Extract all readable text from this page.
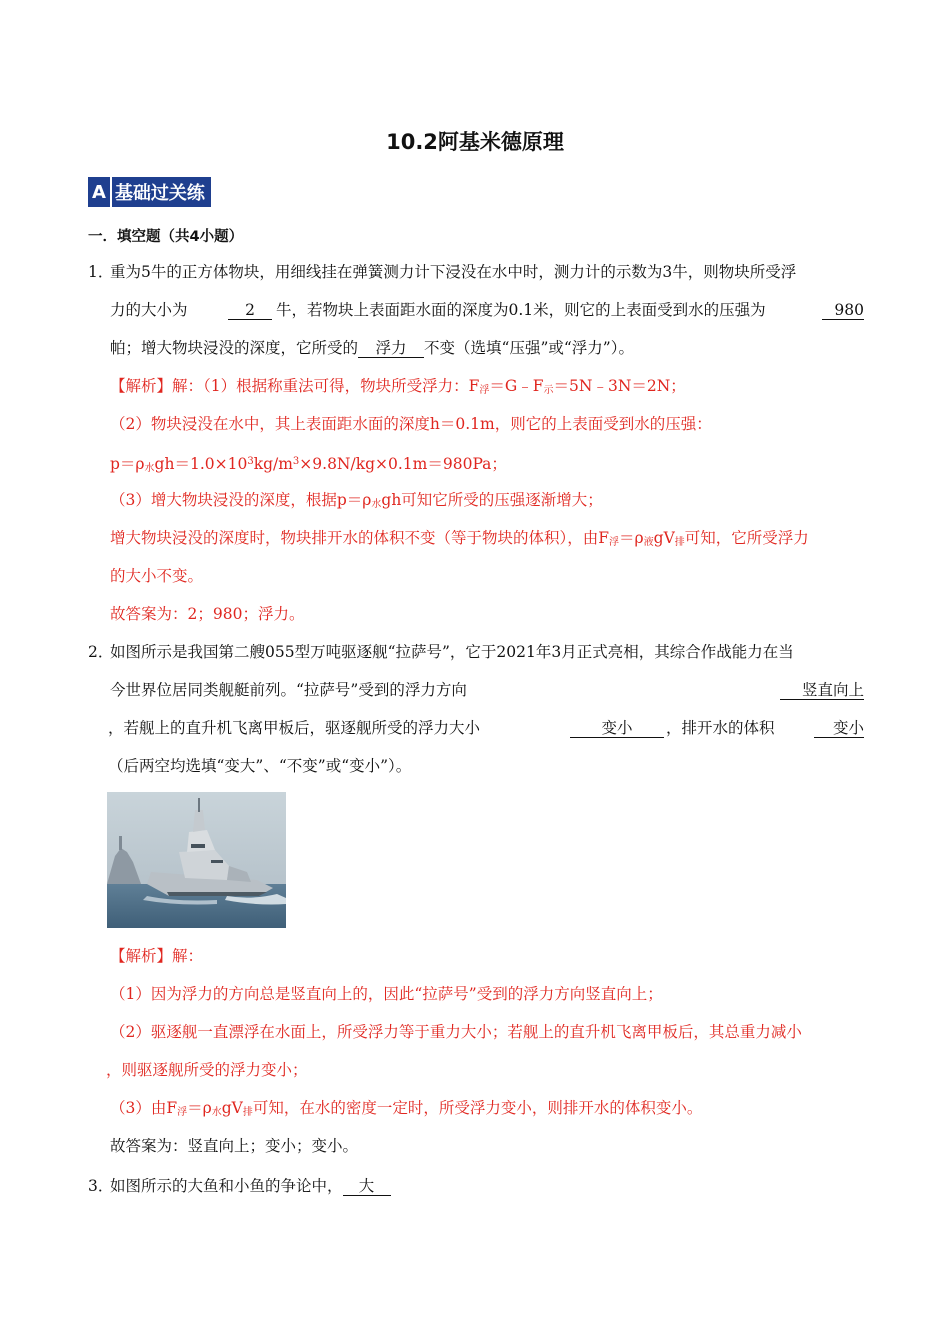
10.2阿基米德原理
A 基础过关练
一．填空题（共4小题）
1．
重为5牛的正方体物块，用细线挂在弹簧测力计下浸没在水中时，测力计的示数为3牛，则物块所受浮
力的大小为	2	牛，若物块上表面距水面的深度为0.1米，则它的上表面受到水的压强为	980
帕；增大物块浸没的深度，它所受的 浮力 不变（选填“压强”或“浮力”）。
【解析】解：（1）根据称重法可得，物块所受浮力：$F_浮=G﹣F_示=5N﹣3N=2N$；
（2）物块浸没在水中，其上表面距水面的深度h＝0.1m，则它的上表面受到水的压强：
$p=\rho_水gh=1.0\times 10^3kg/m^3\times 9.8N/kg\times 0.1m=980Pa$；
（3）增大物块浸没的深度，根据$p=\rho_水gh$可知它所受的压强逐渐增大；
增大物块浸没的深度时，物块排开水的体积不变（等于物块的体积），由$F_浮=\rho_液gV_排$可知，它所受浮力
的大小不变。
故答案为：2；980；浮力。
2．
如图所示是我国第二艘055型万吨驱逐舰“拉萨号”，它于2021年3月正式亮相，其综合作战能力在当
今世界位居同类舰艇前列。“拉萨号”受到的浮力方向	竖直向上
，若舰上的直升机飞离甲板后，驱逐舰所受的浮力大小	变小	，排开水的体积	变小
（后两空均选填“变大”、“不变”或“变小”）。
【解析】解：
（1）因为浮力的方向总是竖直向上的，因此“拉萨号”受到的浮力方向竖直向上；
（2）驱逐舰一直漂浮在水面上，所受浮力等于重力大小；若舰上的直升机飞离甲板后，其总重力减小
，则驱逐舰所受的浮力变小；
（3）由$F_浮=\rho_水gV_排$可知，在水的密度一定时，所受浮力变小，则排开水的体积变小。
故答案为：竖直向上；变小；变小。
3．
如图所示的大鱼和小鱼的争论中， 大
